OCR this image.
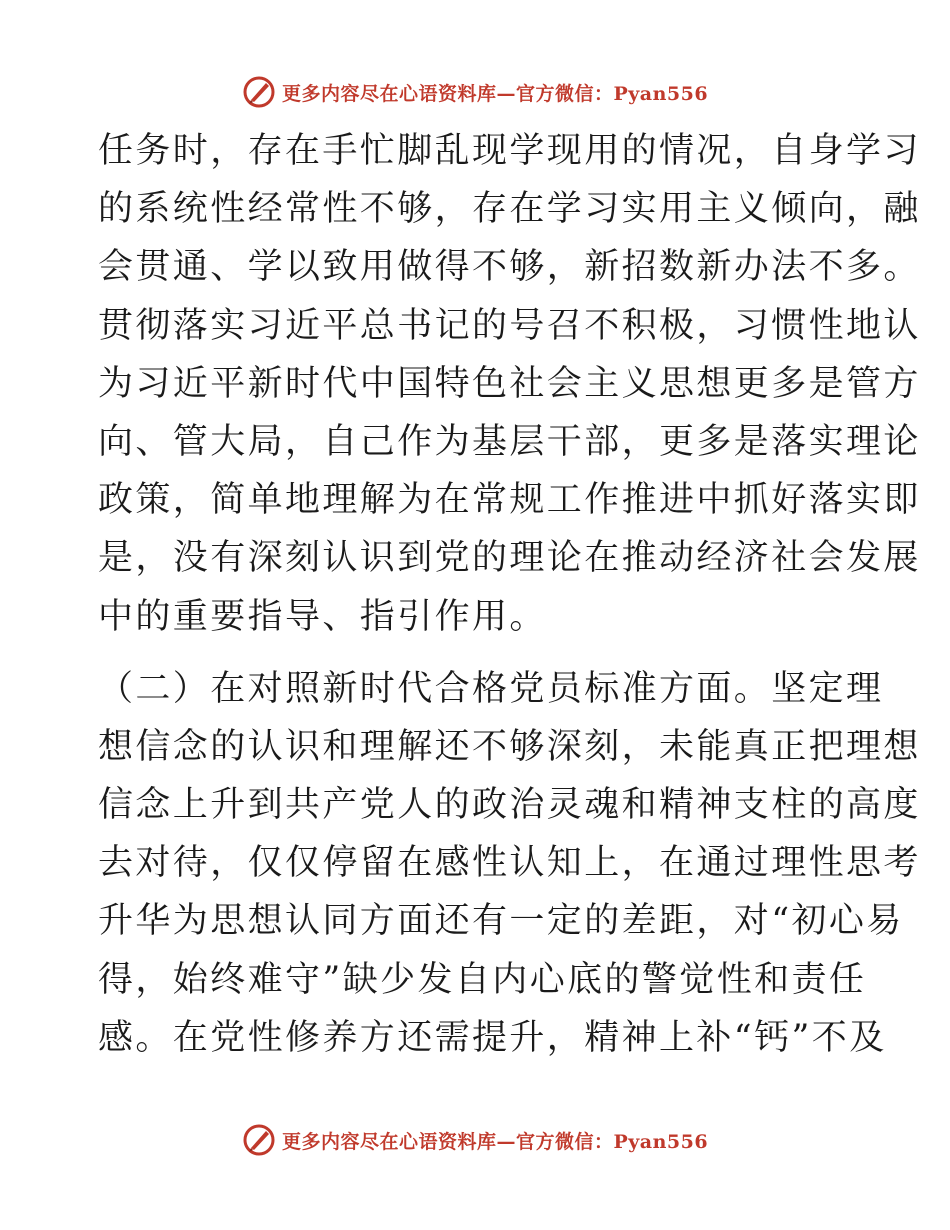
更多内容尽在心语资料库—官方微信：Pyan556
任务时，存在手忙脚乱现学现用的情况，自身学习
的系统性经常性不够，存在学习实用主义倾向，融
会贯通、学以致用做得不够，新招数新办法不多。
贯彻落实习近平总书记的号召不积极，习惯性地认
为习近平新时代中国特色社会主义思想更多是管方
向、管大局，自己作为基层干部，更多是落实理论
政策，简单地理解为在常规工作推进中抓好落实即
是，没有深刻认识到党的理论在推动经济社会发展
中的重要指导、指引作用。
（二）在对照新时代合格党员标准方面。坚定理
想信念的认识和理解还不够深刻，未能真正把理想
信念上升到共产党人的政治灵魂和精神支柱的高度
去对待，仅仅停留在感性认知上，在通过理性思考
升华为思想认同方面还有一定的差距，对“初心易
得，始终难守”缺少发自内心底的警觉性和责任
感。在党性修养方还需提升，精神上补“钙”不及
更多内容尽在心语资料库—官方微信：Pyan556
